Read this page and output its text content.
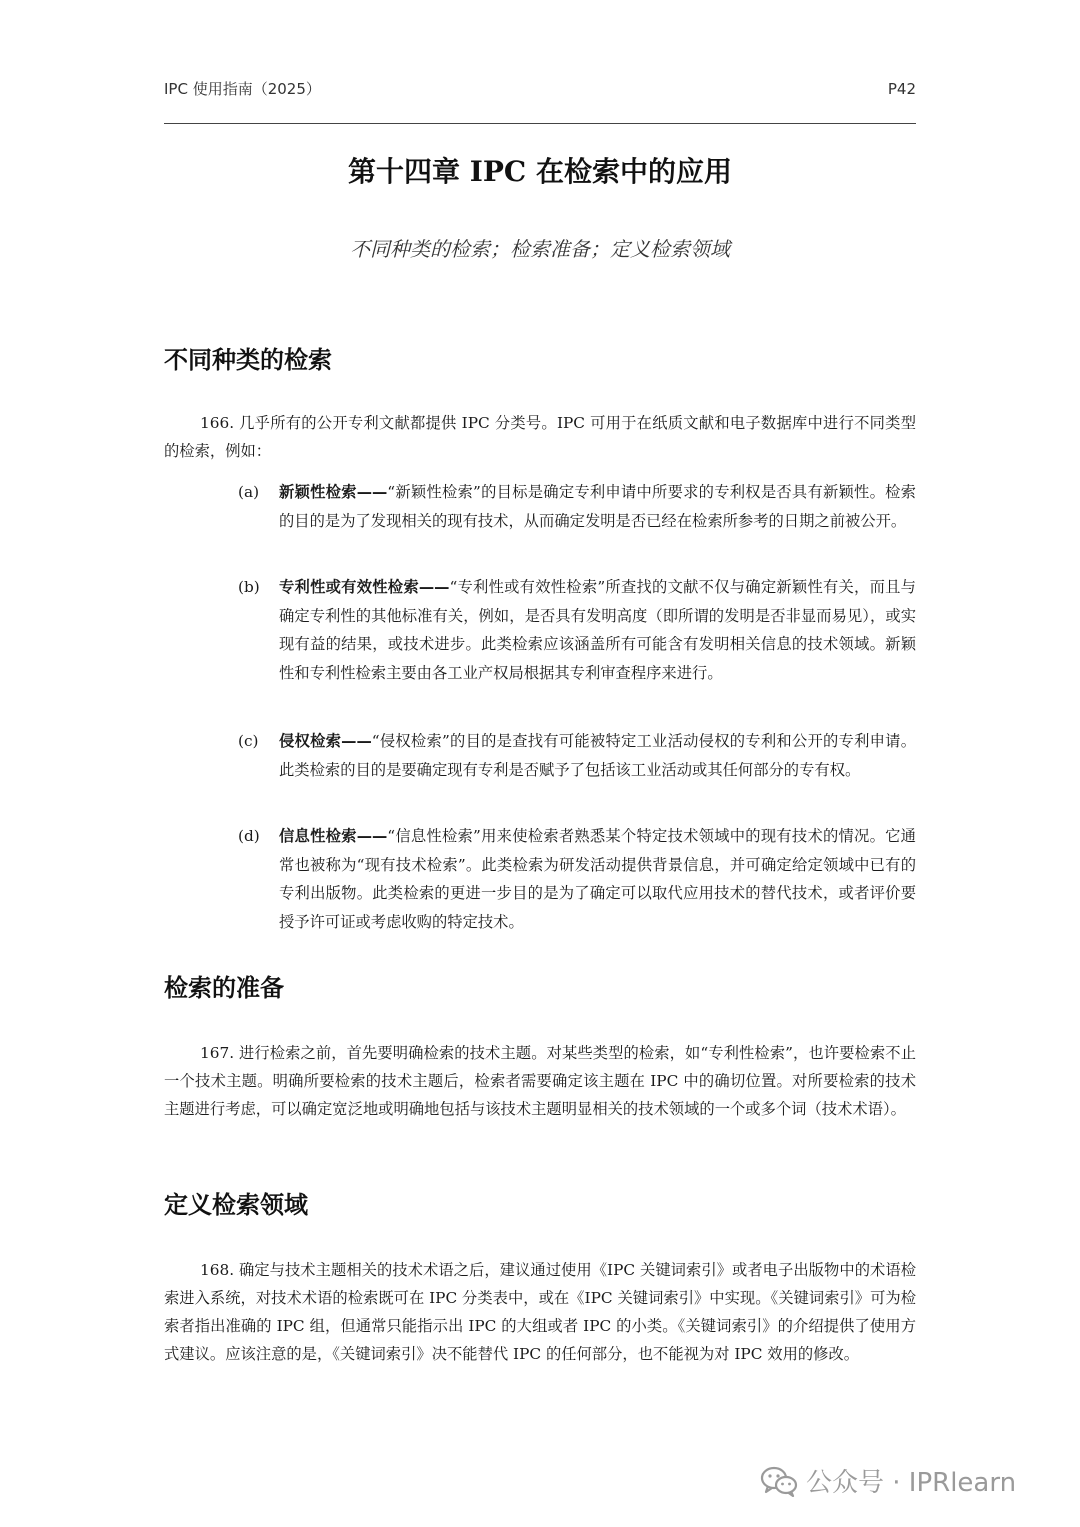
IPC 使用指南（2025）	P42
第十四章 IPC 在检索中的应用
不同种类的检索；检索准备；定义检索领域
不同种类的检索
166. 几乎所有的公开专利文献都提供 IPC 分类号。IPC 可用于在纸质文献和电子数据库中进行不同类型的检索，例如：
(a) 新颖性检索——“新颖性检索”的目标是确定专利申请中所要求的专利权是否具有新颖性。检索的目的是为了发现相关的现有技术，从而确定发明是否已经在检索所参考的日期之前被公开。
(b) 专利性或有效性检索——“专利性或有效性检索”所查找的文献不仅与确定新颖性有关，而且与确定专利性的其他标准有关，例如，是否具有发明高度（即所谓的发明是否非显而易见），或实现有益的结果，或技术进步。此类检索应该涵盖所有可能含有发明相关信息的技术领域。新颖性和专利性检索主要由各工业产权局根据其专利审查程序来进行。
(c) 侵权检索——“侵权检索”的目的是查找有可能被特定工业活动侵权的专利和公开的专利申请。此类检索的目的是要确定现有专利是否赋予了包括该工业活动或其任何部分的专有权。
(d) 信息性检索——“信息性检索”用来使检索者熟悉某个特定技术领域中的现有技术的情况。它通常也被称为“现有技术检索”。此类检索为研发活动提供背景信息，并可确定给定领域中已有的专利出版物。此类检索的更进一步目的是为了确定可以取代应用技术的替代技术，或者评价要授予许可证或考虑收购的特定技术。
检索的准备
167. 进行检索之前，首先要明确检索的技术主题。对某些类型的检索，如“专利性检索”，也许要检索不止一个技术主题。明确所要检索的技术主题后，检索者需要确定该主题在 IPC 中的确切位置。对所要检索的技术主题进行考虑，可以确定宽泛地或明确地包括与该技术主题明显相关的技术领域的一个或多个词（技术术语）。
定义检索领域
168. 确定与技术主题相关的技术术语之后，建议通过使用《IPC 关键词索引》或者电子出版物中的术语检索进入系统，对技术术语的检索既可在 IPC 分类表中，或在《IPC 关键词索引》中实现。《关键词索引》可为检索者指出准确的 IPC 组，但通常只能指示出 IPC 的大组或者 IPC 的小类。《关键词索引》的介绍提供了使用方式建议。应该注意的是，《关键词索引》决不能替代 IPC 的任何部分，也不能视为对 IPC 效用的修改。
公众号 · IPRlearn
